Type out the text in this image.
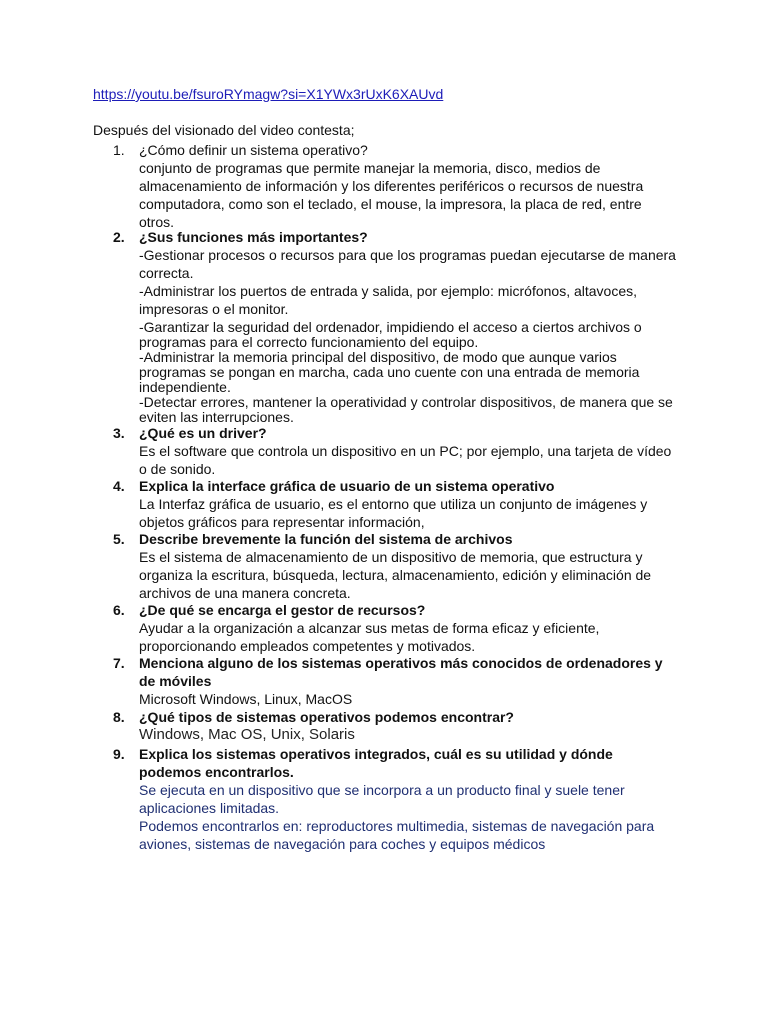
https://youtu.be/fsuroRYmagw?si=X1YWx3rUxK6XAUvd
Después del visionado del video contesta;
1.	¿Cómo definir un sistema operativo?

conjunto de programas que permite manejar la memoria, disco, medios de almacenamiento de información y los diferentes periféricos o recursos de nuestra computadora, como son el teclado, el mouse, la impresora, la placa de red, entre otros.

2.	¿Sus funciones más importantes?

-Gestionar procesos o recursos para que los programas puedan ejecutarse de manera correcta.

-Administrar los puertos de entrada y salida, por ejemplo: micrófonos, altavoces, impresoras o el monitor.

-Garantizar la seguridad del ordenador, impidiendo el acceso a ciertos archivos o programas para el correcto funcionamiento del equipo.

-Administrar la memoria principal del dispositivo, de modo que aunque varios programas se pongan en marcha, cada uno cuente con una entrada de memoria independiente.

-Detectar errores, mantener la operatividad y controlar dispositivos, de manera que se eviten las interrupciones.

3.	¿Qué es un driver?

Es el software que controla un dispositivo en un PC; por ejemplo, una tarjeta de vídeo o de sonido.

4.	Explica la interface gráfica de usuario de un sistema operativo

La Interfaz gráfica de usuario, es el entorno que utiliza un conjunto de imágenes y objetos gráficos para representar información,

5.	Describe brevemente la función del sistema de archivos

Es el sistema de almacenamiento de un dispositivo de memoria, que estructura y organiza la escritura, búsqueda, lectura, almacenamiento, edición y eliminación de archivos de una manera concreta.

6.	¿De qué se encarga el gestor de recursos?

Ayudar a la organización a alcanzar sus metas de forma eficaz y eficiente, proporcionando empleados competentes y motivados.

7.	Menciona alguno de los sistemas operativos más conocidos de ordenadores y
de móviles

Microsoft Windows, Linux, MacOS

8.	¿Qué tipos de sistemas operativos podemos encontrar?

Windows, Mac OS, Unix, Solaris

9.	Explica los sistemas operativos integrados, cuál es su utilidad y dónde
podemos encontrarlos.

Se ejecuta en un dispositivo que se incorpora a un producto final y suele tener aplicaciones limitadas.

Podemos encontrarlos en: reproductores multimedia, sistemas de navegación para aviones, sistemas de navegación para coches y equipos médicos
